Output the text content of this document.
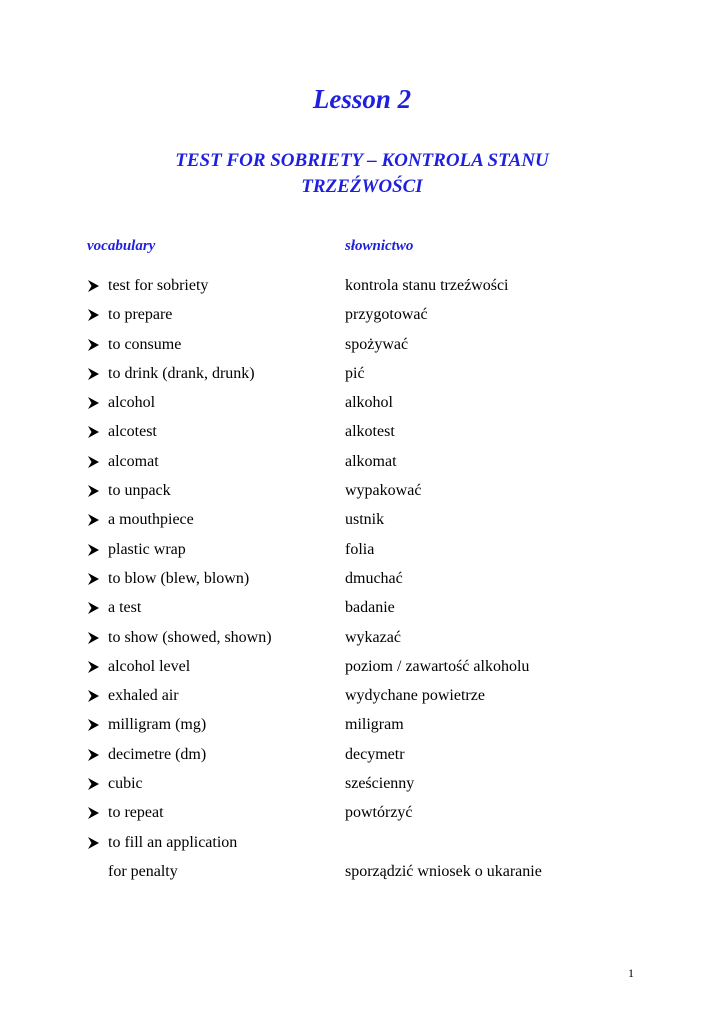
Lesson 2
TEST FOR SOBRIETY – KONTROLA STANU
TRZEŹWOŚCI
vocabulary	słownictwo
test for sobriety	kontrola stanu trzeźwości
to prepare	przygotować
to consume	spożywać
to drink (drank, drunk)	pić
alcohol	alkohol
alcotest	alkotest
alcomat	alkomat
to unpack	wypakować
a mouthpiece	ustnik
plastic wrap	folia
to blow (blew, blown)	dmuchać
a test	badanie
to show (showed, shown)	wykazać
alcohol level	poziom / zawartość alkoholu
exhaled air	wydychane powietrze
milligram (mg)	miligram
decimetre (dm)	decymetr
cubic	sześcienny
to repeat	powtórzyć
to fill an application
for penalty	sporządzić wniosek o ukaranie
1
